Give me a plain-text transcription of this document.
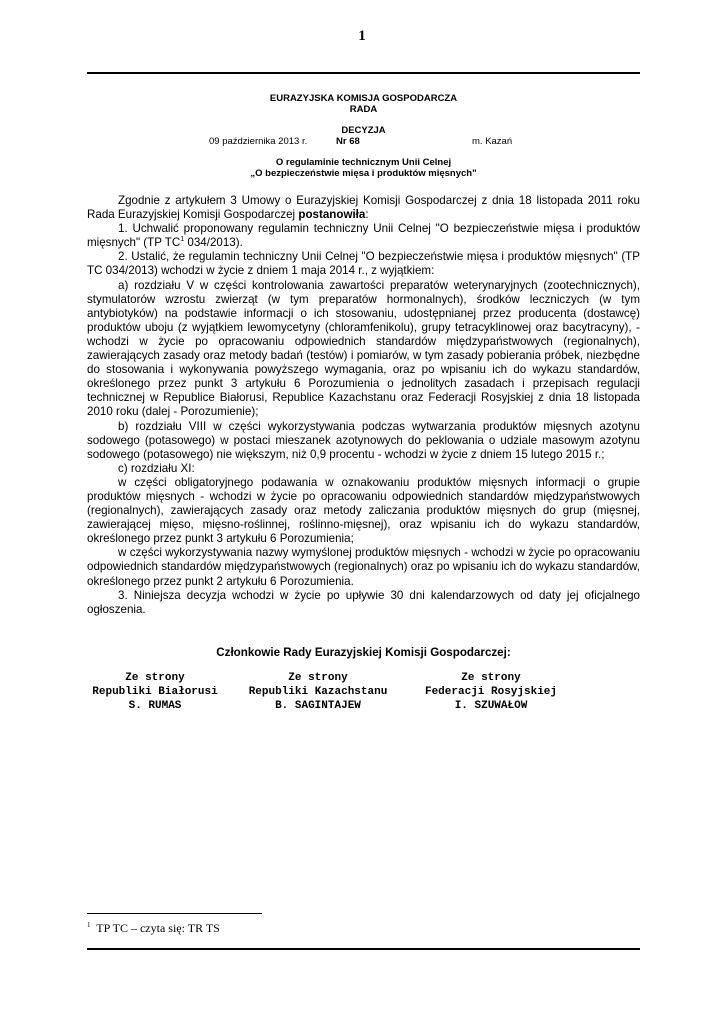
1
EURAZYJSKA KOMISJA GOSPODARCZA
RADA
DECYZJA
09 października 2013 r.	Nr 68	m. Kazań
O regulaminie technicznym Unii Celnej
„O bezpieczeństwie mięsa i produktów mięsnych"

Zgodnie z artykułem 3 Umowy o Eurazyjskiej Komisji Gospodarczej z dnia 18 listopada 2011 roku Rada Eurazyjskiej Komisji Gospodarczej postanowiła:

1. Uchwalić proponowany regulamin techniczny Unii Celnej "O bezpieczeństwie mięsa i produktów mięsnych" (TP $TC^1$ 034/2013).

2. Ustalić, że regulamin techniczny Unii Celnej "O bezpieczeństwie mięsa i produktów mięsnych" (TP TC 034/2013) wchodzi w życie z dniem 1 maja 2014 r., z wyjątkiem:

a) rozdziału V w części kontrolowania zawartości preparatów weterynaryjnych (zootechnicznych), stymulatorów wzrostu zwierząt (w tym preparatów hormonalnych), środków leczniczych (w tym antybiotyków) na podstawie informacji o ich stosowaniu, udostępnianej przez producenta (dostawcę) produktów uboju (z wyjątkiem lewomycetyny (chloramfenikolu), grupy tetracyklinowej oraz bacytracyny), - wchodzi w życie po opracowaniu odpowiednich standardów międzypaństwowych (regionalnych), zawierających zasady oraz metody badań (testów) i pomiarów, w tym zasady pobierania próbek, niezbędne do stosowania i wykonywania powyższego wymagania, oraz po wpisaniu ich do wykazu standardów, określonego przez punkt 3 artykułu 6 Porozumienia o jednolitych zasadach i przepisach regulacji technicznej w Republice Białorusi, Republice Kazachstanu oraz Federacji Rosyjskiej z dnia 18 listopada 2010 roku (dalej - Porozumienie);

b) rozdziału VIII w części wykorzystywania podczas wytwarzania produktów mięsnych azotynu sodowego (potasowego) w postaci mieszanek azotynowych do peklowania o udziale masowym azotynu sodowego (potasowego) nie większym, niż 0,9 procentu - wchodzi w życie z dniem 15 lutego 2015 r.;

c) rozdziału XI:

w części obligatoryjnego podawania w oznakowaniu produktów mięsnych informacji o grupie produktów mięsnych - wchodzi w życie po opracowaniu odpowiednich standardów międzypaństwowych (regionalnych), zawierających zasady oraz metody zaliczania produktów mięsnych do grup (mięsnej, zawierającej mięso, mięsno-roślinnej, roślinno-mięsnej), oraz wpisaniu ich do wykazu standardów, określonego przez punkt 3 artykułu 6 Porozumienia;

w części wykorzystywania nazwy wymyślonej produktów mięsnych - wchodzi w życie po opracowaniu odpowiednich standardów międzypaństwowych (regionalnych) oraz po wpisaniu ich do wykazu standardów, określonego przez punkt 2 artykułu 6 Porozumienia.

3. Niniejsza decyzja wchodzi w życie po upływie 30 dni kalendarzowych od daty jej oficjalnego ogłoszenia.

Członkowie Rady Eurazyjskiej Komisji Gospodarczej:
Ze strony
Republiki Białorusi
S. RUMAS
Ze strony
Republiki Kazachstanu
B. SAGINTAJEW
Ze strony
Federacji Rosyjskiej
I. SZUWAŁOW
$^1$ TP TC – czyta się: TR TS
